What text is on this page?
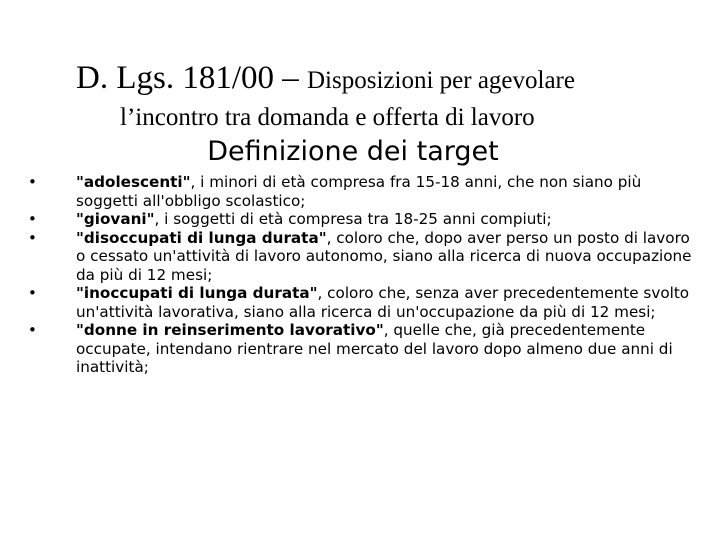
D. Lgs. 181/00 – Disposizioni per agevolare
l’incontro tra domanda e offerta di lavoro
Definizione dei target
•	"adolescenti", i minori di età compresa fra 15-18 anni, che non siano più soggetti all'obbligo scolastico;
•	"giovani", i soggetti di età compresa tra 18-25 anni compiuti;
•	"disoccupati di lunga durata", coloro che, dopo aver perso un posto di lavoro o cessato un'attività di lavoro autonomo, siano alla ricerca di nuova occupazione da più di 12 mesi;
•	"inoccupati di lunga durata", coloro che, senza aver precedentemente svolto un'attività lavorativa, siano alla ricerca di un'occupazione da più di 12 mesi;
•	"donne in reinserimento lavorativo", quelle che, già precedentemente occupate, intendano rientrare nel mercato del lavoro dopo almeno due anni di inattività;
